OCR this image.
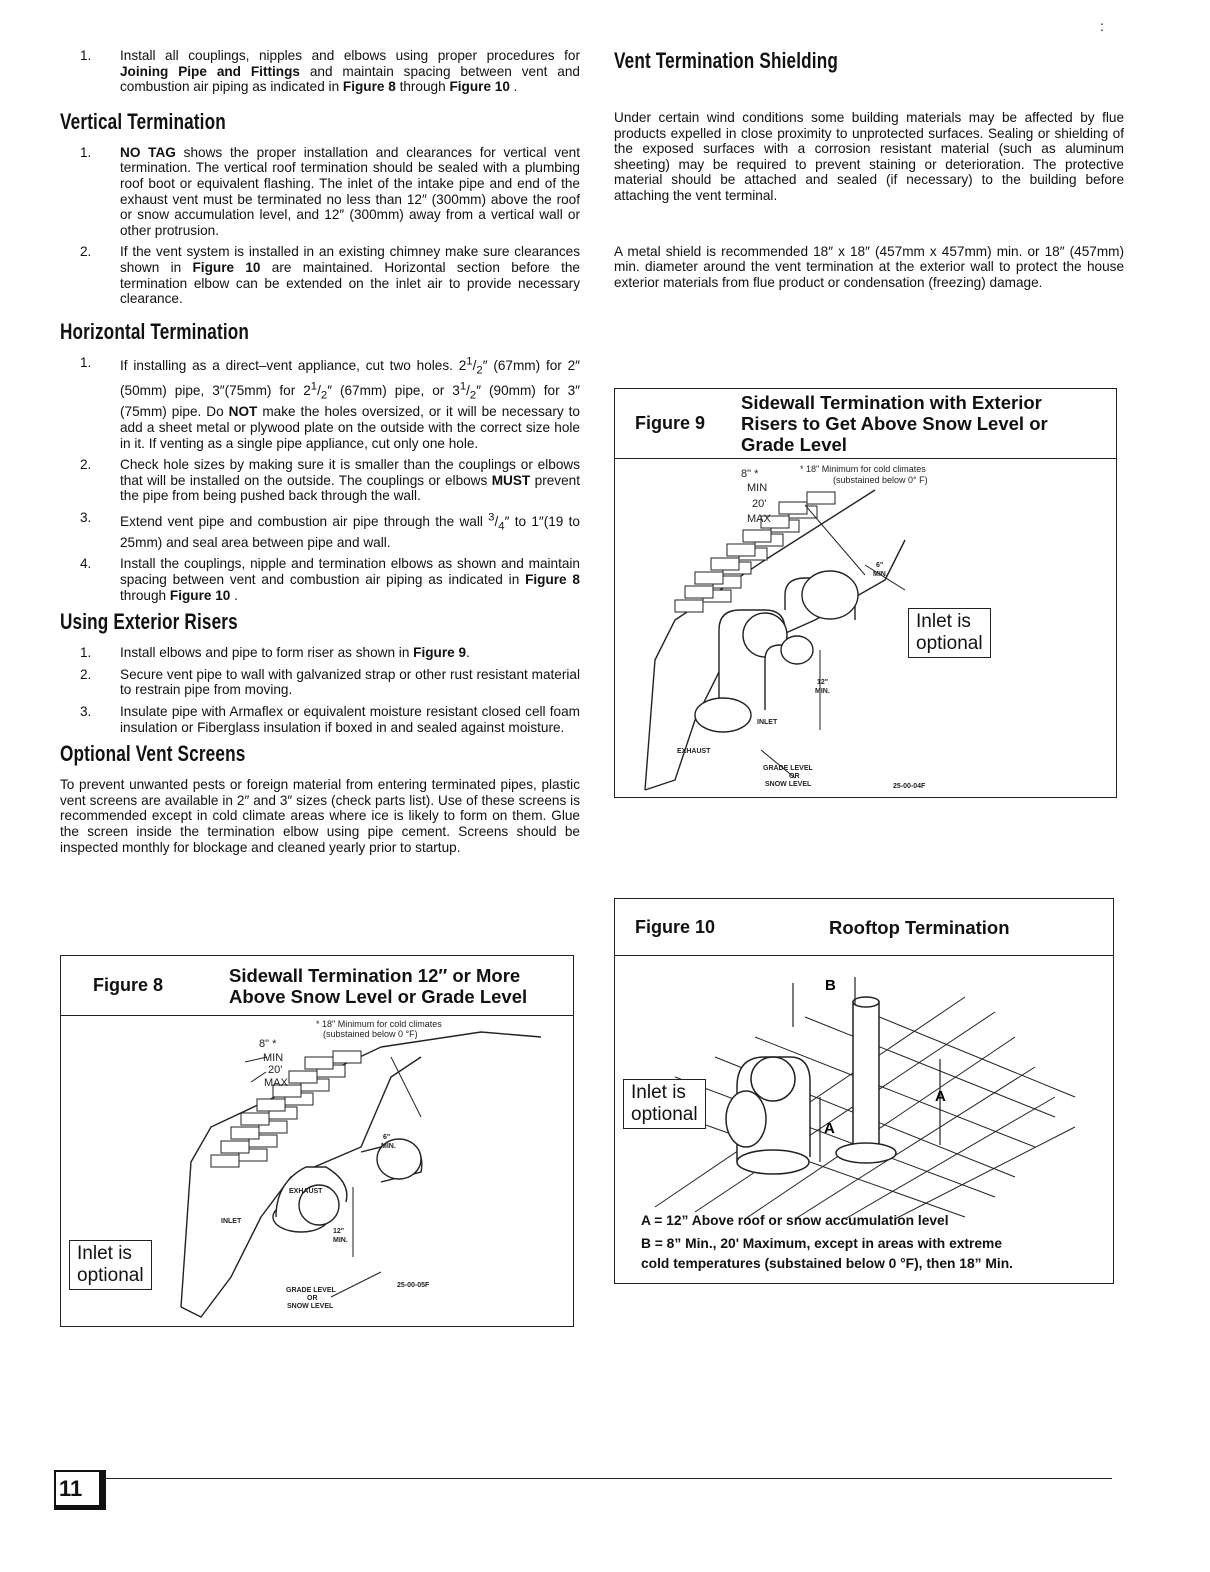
:
1. Install all couplings, nipples and elbows using proper procedures for Joining Pipe and Fittings and maintain spacing between vent and combustion air piping as indicated in Figure 8 through Figure 10 .
Vertical Termination
1. NO TAG shows the proper installation and clearances for vertical vent termination. The vertical roof termination should be sealed with a plumbing roof boot or equivalent flashing. The inlet of the intake pipe and end of the exhaust vent must be terminated no less than 12″ (300mm) above the roof or snow accumulation level, and 12″ (300mm) away from a vertical wall or other protrusion.
2. If the vent system is installed in an existing chimney make sure clearances shown in Figure 10 are maintained. Horizontal section before the termination elbow can be extended on the inlet air to provide necessary clearance.
Horizontal Termination
1. If installing as a direct–vent appliance, cut two holes. $2^1/_2''$ (67mm) for 2″ (50mm) pipe, 3″(75mm) for $2^1/_2''$ (67mm) pipe, or $3^1/_2''$ (90mm) for 3″ (75mm) pipe. Do NOT make the holes oversized, or it will be necessary to add a sheet metal or plywood plate on the outside with the correct size hole in it. If venting as a single pipe appliance, cut only one hole.
2. Check hole sizes by making sure it is smaller than the couplings or elbows that will be installed on the outside. The couplings or elbows MUST prevent the pipe from being pushed back through the wall.
3. Extend vent pipe and combustion air pipe through the wall $^3/_4''$ to 1″(19 to 25mm) and seal area between pipe and wall.
4. Install the couplings, nipple and termination elbows as shown and maintain spacing between vent and combustion air piping as indicated in Figure 8 through Figure 10 .
Using Exterior Risers
1. Install elbows and pipe to form riser as shown in Figure 9.
2. Secure vent pipe to wall with galvanized strap or other rust resistant material to restrain pipe from moving.
3. Insulate pipe with Armaflex or equivalent moisture resistant closed cell foam insulation or Fiberglass insulation if boxed in and sealed against moisture.
Optional Vent Screens

To prevent unwanted pests or foreign material from entering terminated pipes, plastic vent screens are available in 2″ and 3″ sizes (check parts list). Use of these screens is recommended except in cold climate areas where ice is likely to form on them. Glue the screen inside the termination elbow using pipe cement. Screens should be inspected monthly for blockage and cleaned yearly prior to startup.

Vent Termination Shielding

Under certain wind conditions some building materials may be affected by flue products expelled in close proximity to unprotected surfaces. Sealing or shielding of the exposed surfaces with a corrosion resistant material (such as aluminum sheeting) may be required to prevent staining or deterioration. The protective material should be attached and sealed (if necessary) to the building before attaching the vent terminal.

A metal shield is recommended 18″ x 18″ (457mm x 457mm) min. or 18″ (457mm) min. diameter around the vent termination at the exterior wall to protect the house exterior materials from flue product or condensation (freezing) damage.

Figure 8	Sidewall Termination 12″ or More
Above Snow Level or Grade Level
* 18" Minimum for cold climates
(substained below 0 °F)
8" *
MIN
20'
MAX
6"
MIN.
EXHAUST
INLET
12"
MIN.
GRADE LEVEL
OR
SNOW LEVEL
25-00-05F
Inlet is
optional
Figure 9
Sidewall Termination with Exterior
Risers to Get Above Snow Level or
Grade Level
* 18" Minimum for cold climates
(substained below 0° F)
8" *
MIN
20'
MAX
6"
MIN.
12"
MIN.
INLET
EXHAUST
GRADE LEVEL
OR
SNOW LEVEL	25-00-04F
Inlet is
optional
Figure 10	Rooftop Termination
B
A
A
Inlet is
optional
A = 12” Above roof or snow accumulation level
B = 8” Min., 20' Maximum, except in areas with extreme
cold temperatures (substained below 0 °F), then 18” Min.
11
